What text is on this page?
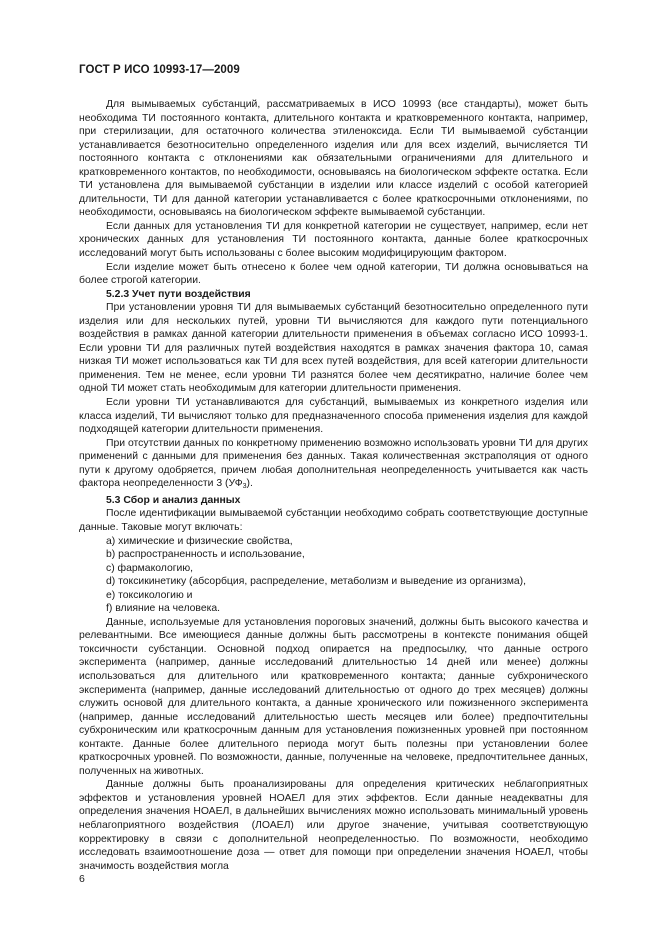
ГОСТ Р ИСО 10993-17—2009

Для вымываемых субстанций, рассматриваемых в ИСО 10993 (все стандарты), может быть необходима ТИ постоянного контакта, длительного контакта и кратковременного контакта, например, при стерилизации, для остаточного количества этиленоксида. Если ТИ вымываемой субстанции устанавливается безотносительно определенного изделия или для всех изделий, вычисляется ТИ постоянного контакта с отклонениями как обязательными ограничениями для длительного и кратковременного контактов, по необходимости, основываясь на биологическом эффекте остатка. Если ТИ установлена для вымываемой субстанции в изделии или классе изделий с особой категорией длительности, ТИ для данной категории устанавливается с более краткосрочными отклонениями, по необходимости, основываясь на биологическом эффекте вымываемой субстанции.

Если данных для установления ТИ для конкретной категории не существует, например, если нет хронических данных для установления ТИ постоянного контакта, данные более краткосрочных исследований могут быть использованы с более высоким модифицирующим фактором.

Если изделие может быть отнесено к более чем одной категории, ТИ должна основываться на более строгой категории.

5.2.3 Учет пути воздействия

При установлении уровня ТИ для вымываемых субстанций безотносительно определенного пути изделия или для нескольких путей, уровни ТИ вычисляются для каждого пути потенциального воздействия в рамках данной категории длительности применения в объемах согласно ИСО 10993-1. Если уровни ТИ для различных путей воздействия находятся в рамках значения фактора 10, самая низкая ТИ может использоваться как ТИ для всех путей воздействия, для всей категории длительности применения. Тем не менее, если уровни ТИ разнятся более чем десятикратно, наличие более чем одной ТИ может стать необходимым для категории длительности применения.

Если уровни ТИ устанавливаются для субстанций, вымываемых из конкретного изделия или класса изделий, ТИ вычисляют только для предназначенного способа применения изделия для каждой подходящей категории длительности применения.

При отсутствии данных по конкретному применению возможно использовать уровни ТИ для других применений с данными для применения без данных. Такая количественная экстраполяция от одного пути к другому одобряется, причем любая дополнительная неопределенность учитывается как часть фактора неопределенности 3 $(УФ_3)$.

5.3 Сбор и анализ данных

После идентификации вымываемой субстанции необходимо собрать соответствующие доступные данные. Таковые могут включать:

a) химические и физические свойства,

b) распространенность и использование,

c) фармакологию,

d) токсикинетику (абсорбция, распределение, метаболизм и выведение из организма),

e) токсикологию и

f) влияние на человека.

Данные, используемые для установления пороговых значений, должны быть высокого качества и релевантными. Все имеющиеся данные должны быть рассмотрены в контексте понимания общей токсичности субстанции. Основной подход опирается на предпосылку, что данные острого эксперимента (например, данные исследований длительностью 14 дней или менее) должны использоваться для длительного или кратковременного контакта; данные субхронического эксперимента (например, данные исследований длительностью от одного до трех месяцев) должны служить основой для длительного контакта, а данные хронического или пожизненного эксперимента (например, данные исследований длительностью шесть месяцев или более) предпочтительны субхроническим или краткосрочным данным для установления пожизненных уровней при постоянном контакте. Данные более длительного периода могут быть полезны при установлении более краткосрочных уровней. По возможности, данные, полученные на человеке, предпочтительнее данных, полученных на животных.

Данные должны быть проанализированы для определения критических неблагоприятных эффектов и установления уровней НОАЕЛ для этих эффектов. Если данные неадекватны для определения значения НОАЕЛ, в дальнейших вычислениях можно использовать минимальный уровень неблагоприятного воздействия (ЛОАЕЛ) или другое значение, учитывая соответствующую корректировку в связи с дополнительной неопределенностью. По возможности, необходимо исследовать взаимоотношение доза — ответ для помощи при определении значения НОАЕЛ, чтобы значимость воздействия могла

6
